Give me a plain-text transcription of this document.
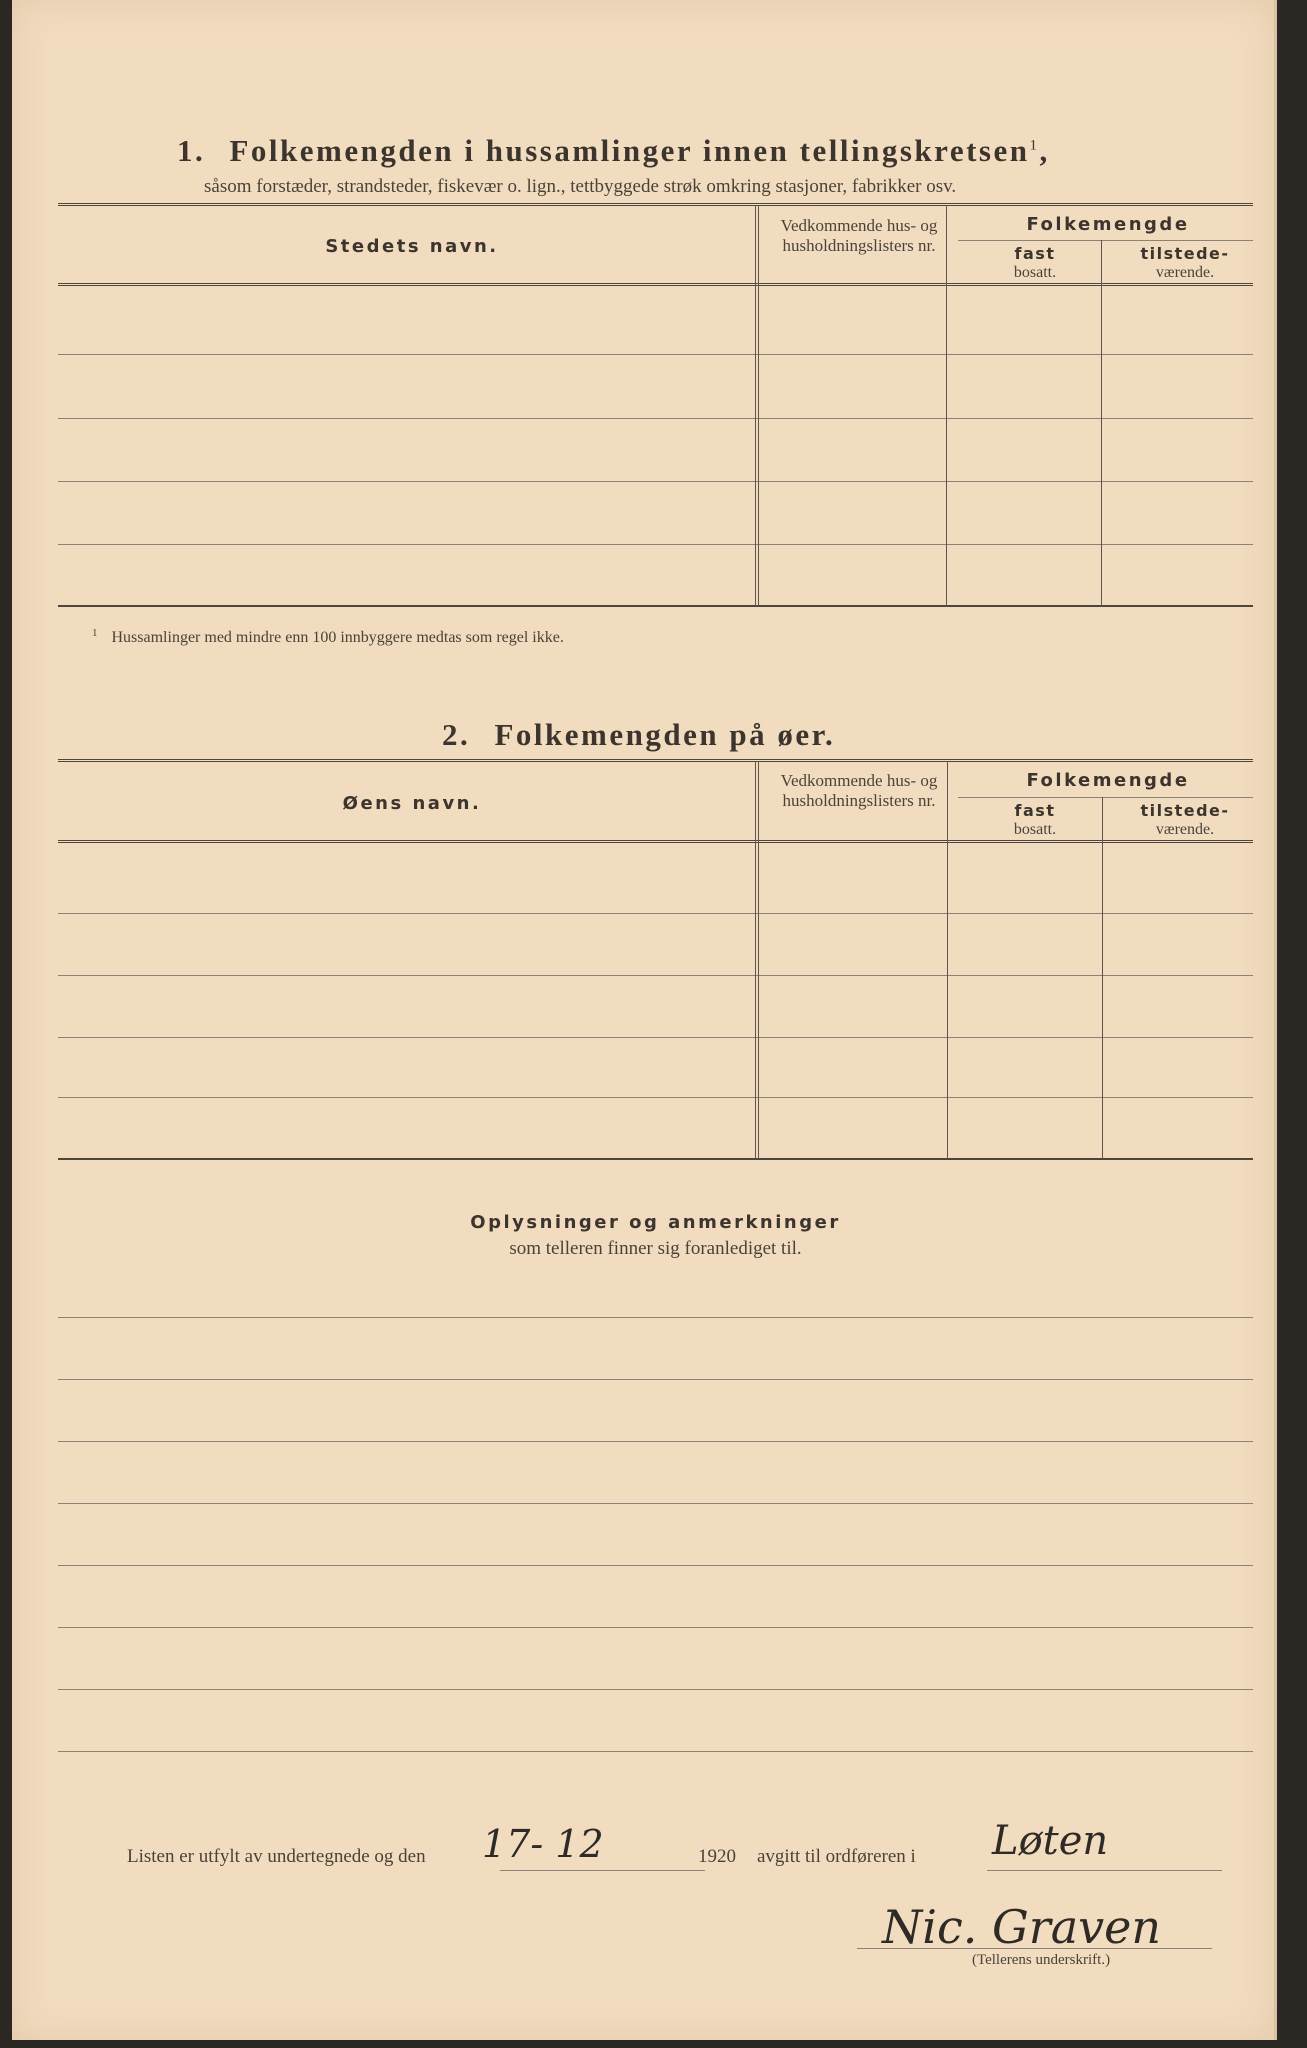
1. Folkemengden i hussamlinger innen tellingskretsen$^1$,
såsom forstæder, strandsteder, fiskevær o. lign., tettbyggede strøk omkring stasjoner, fabrikker osv.
Stedets navn.
Vedkommende hus- og husholdningslisters nr.
Folkemengde
fast
bosatt.
tilstede-
værende.
$^1$ Hussamlinger med mindre enn 100 innbyggere medtas som regel ikke.
2. Folkemengden på øer.
Øens navn.
Vedkommende hus- og husholdningslisters nr.
Folkemengde
fast
bosatt.
tilstede-
værende.
Oplysninger og anmerkninger
som telleren finner sig foranlediget til.
Listen er utfylt av undertegnede og den 17- 12	1920 avgitt til ordføreren i Løten
Nic. Graven
(Tellerens underskrift.)
